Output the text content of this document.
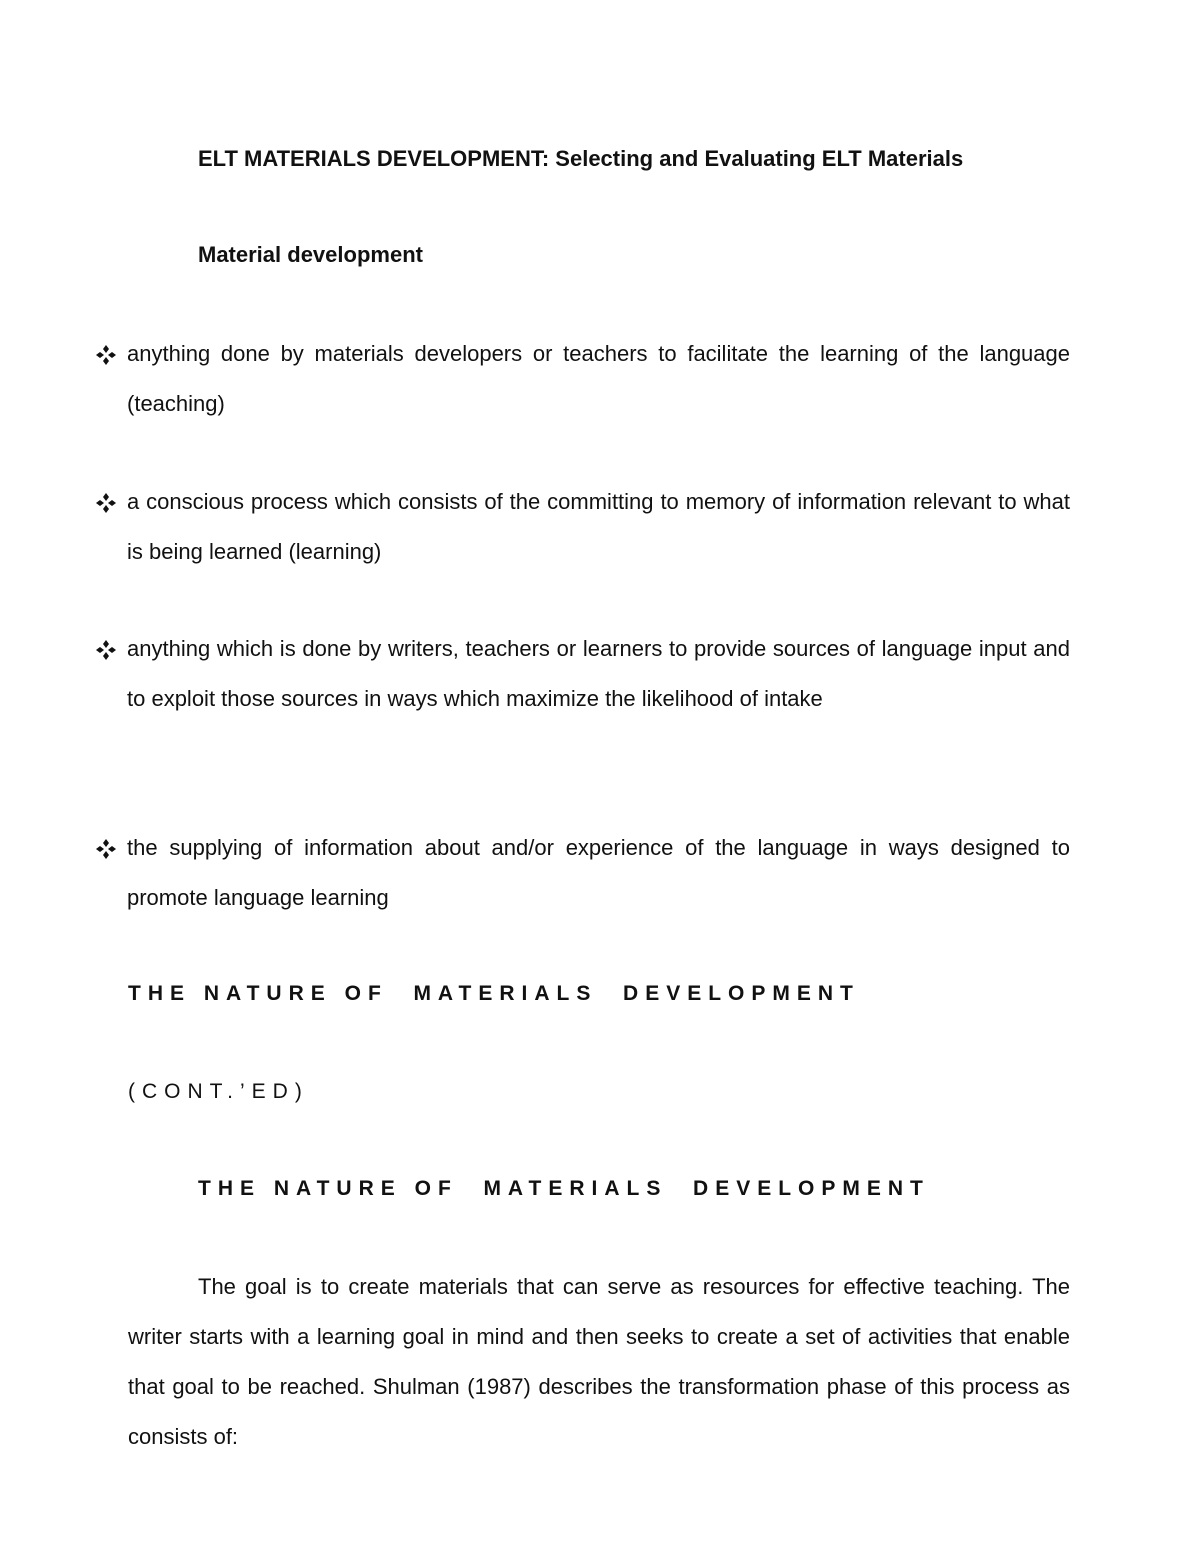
ELT MATERIALS DEVELOPMENT: Selecting and Evaluating ELT Materials
Material development
anything done by materials developers or teachers to facilitate the learning of the language (teaching)
a conscious process which consists of the committing to memory of information relevant to what is being learned (learning)
anything which is done by writers, teachers or learners to provide sources of language input and to exploit those sources in ways which maximize the likelihood of intake
the supplying of information about and/or experience of the language in ways designed to promote language learning
THE NATURE OF  MATERIALS  DEVELOPMENT
(CONT.’ED)
THE NATURE OF  MATERIALS  DEVELOPMENT
The goal is to create materials that can serve as resources for effective teaching. The writer starts with a learning goal in mind and then seeks to create a set of activities that enable that goal to be reached. Shulman (1987) describes the transformation phase of this process as consists of:
